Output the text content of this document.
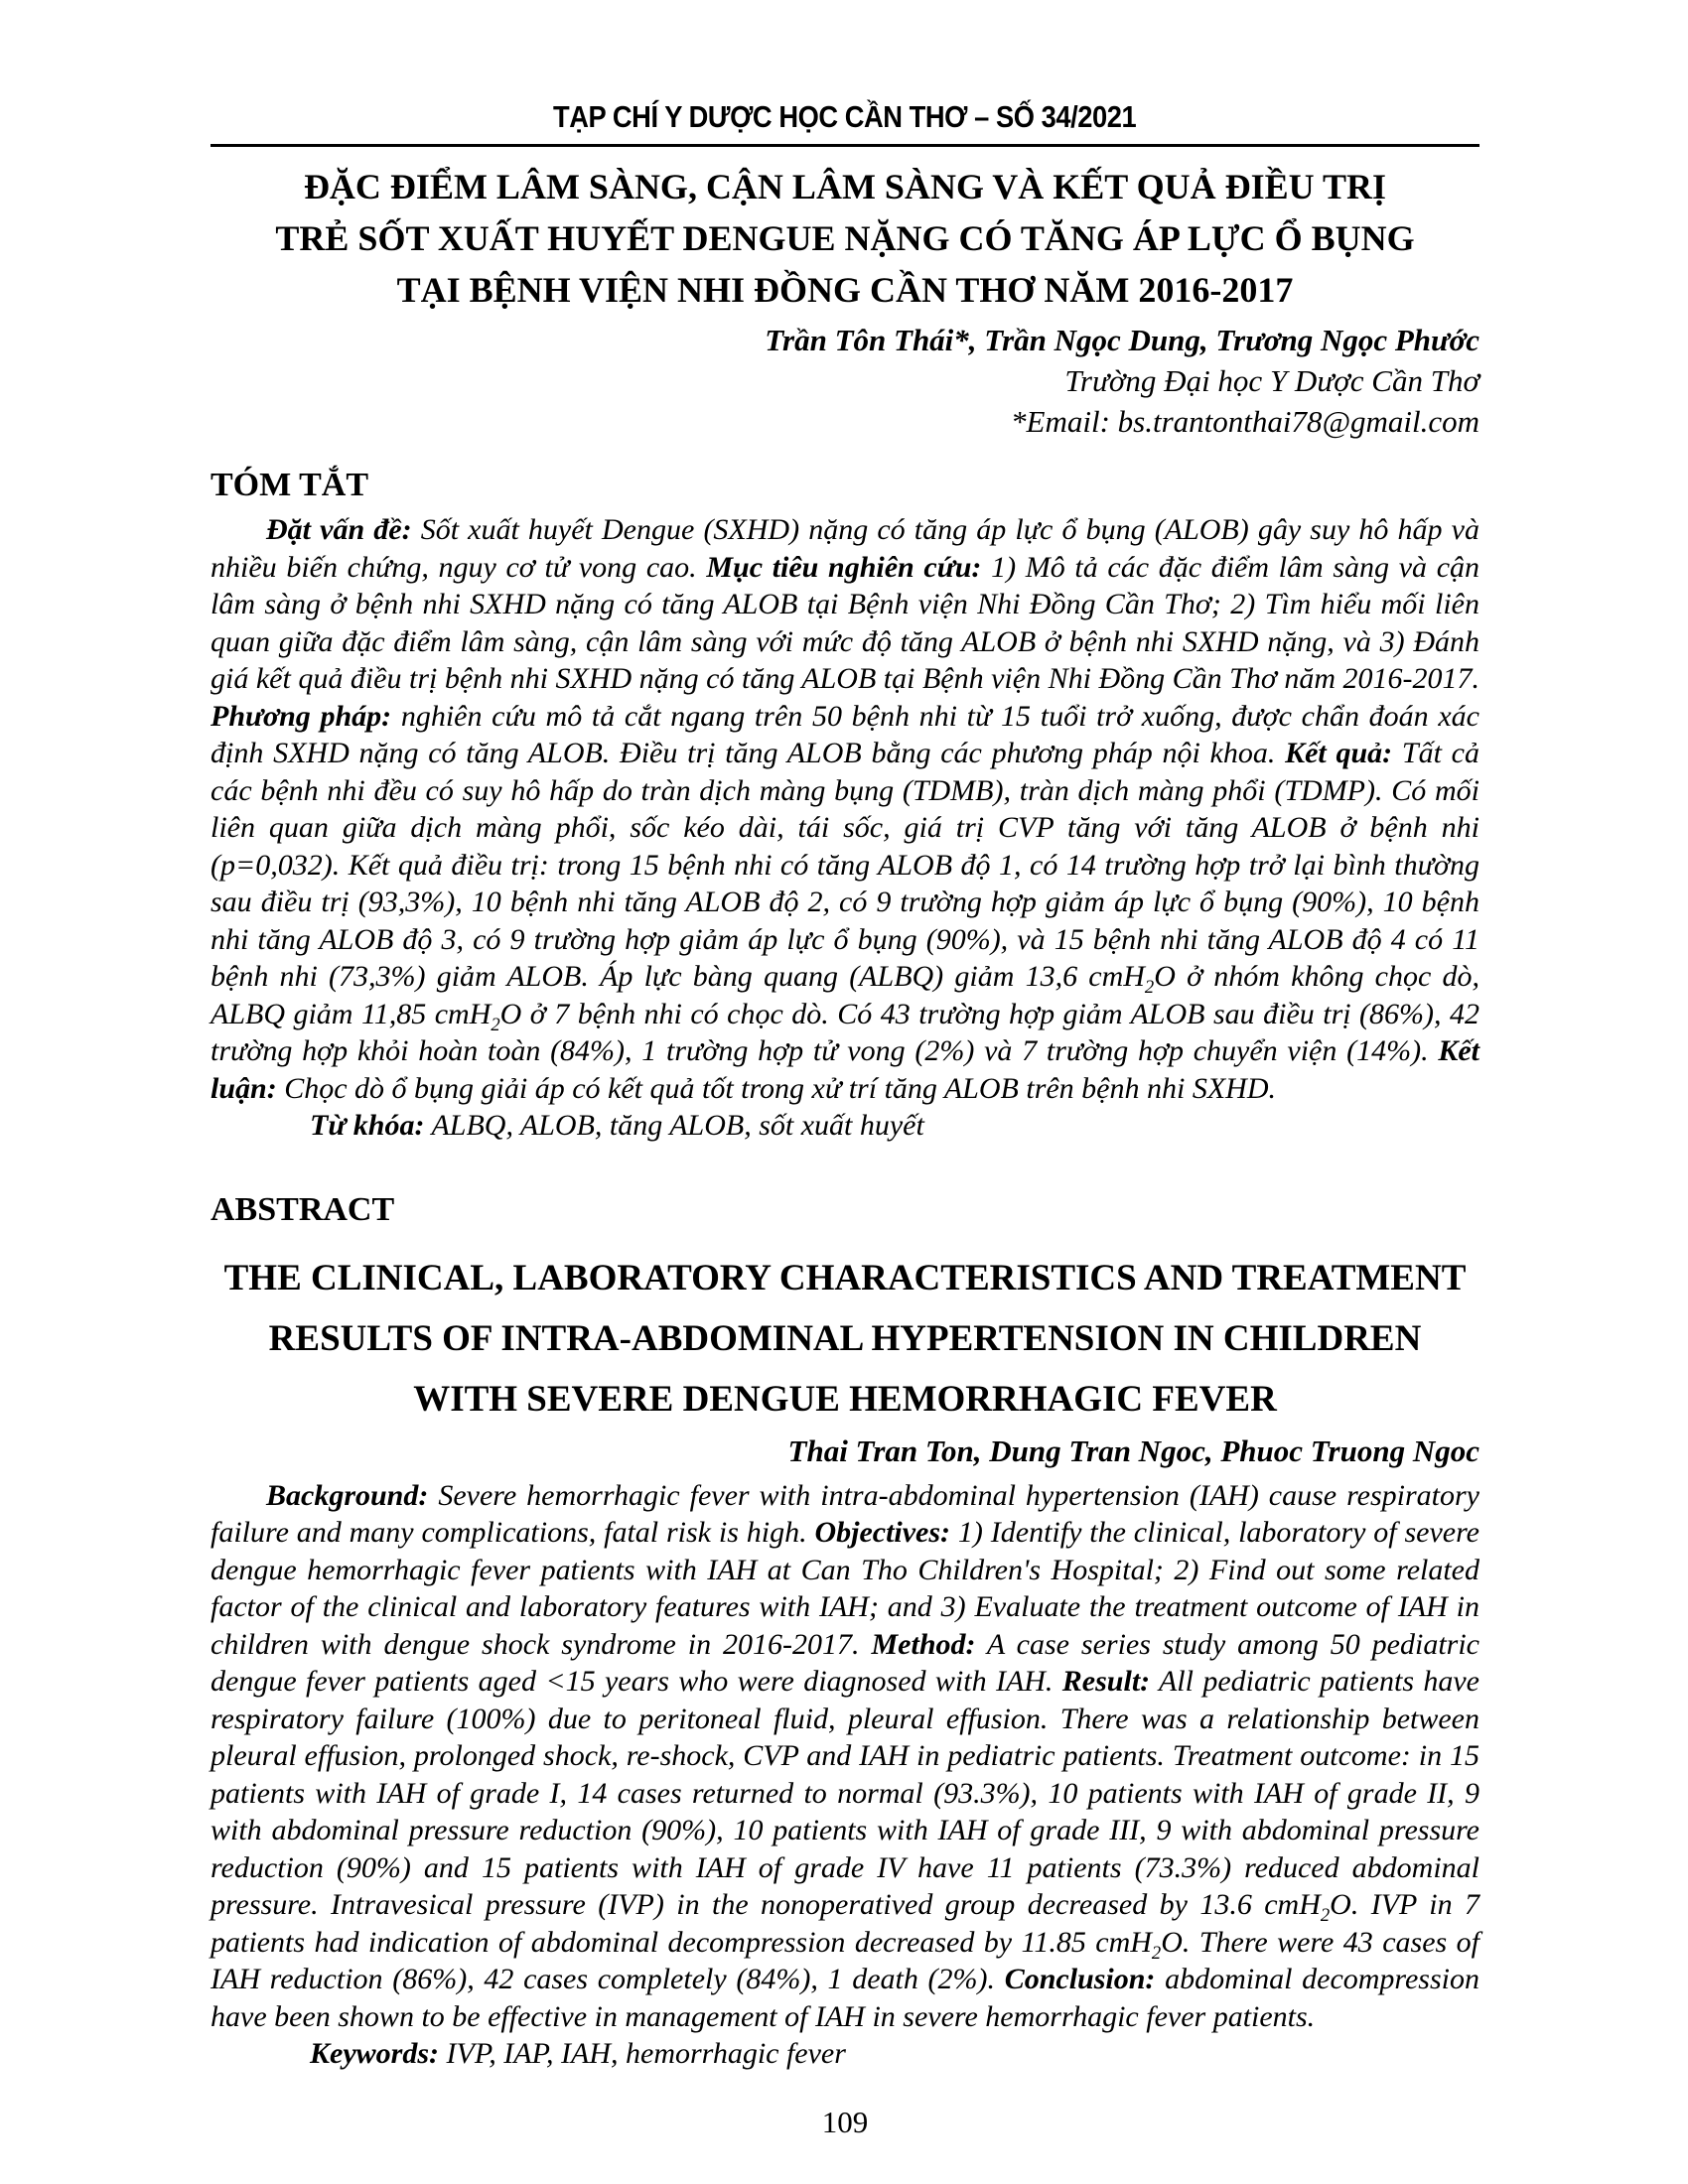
TẠP CHÍ Y DƯỢC HỌC CẦN THƠ – SỐ 34/2021
ĐẶC ĐIỂM LÂM SÀNG, CẬN LÂM SÀNG VÀ KẾT QUẢ ĐIỀU TRỊ
TRẺ SỐT XUẤT HUYẾT DENGUE NẶNG CÓ TĂNG ÁP LỰC Ổ BỤNG
TẠI BỆNH VIỆN NHI ĐỒNG CẦN THƠ NĂM 2016-2017
Trần Tôn Thái*, Trần Ngọc Dung, Trương Ngọc Phước
Trường Đại học Y Dược Cần Thơ
*Email: bs.trantonthai78@gmail.com
TÓM TẮT
Đặt vấn đề: Sốt xuất huyết Dengue (SXHD) nặng có tăng áp lực ổ bụng (ALOB) gây suy hô hấp và nhiều biến chứng, nguy cơ tử vong cao. Mục tiêu nghiên cứu: 1) Mô tả các đặc điểm lâm sàng và cận lâm sàng ở bệnh nhi SXHD nặng có tăng ALOB tại Bệnh viện Nhi Đồng Cần Thơ; 2) Tìm hiểu mối liên quan giữa đặc điểm lâm sàng, cận lâm sàng với mức độ tăng ALOB ở bệnh nhi SXHD nặng, và 3) Đánh giá kết quả điều trị bệnh nhi SXHD nặng có tăng ALOB tại Bệnh viện Nhi Đồng Cần Thơ năm 2016-2017. Phương pháp: nghiên cứu mô tả cắt ngang trên 50 bệnh nhi từ 15 tuổi trở xuống, được chẩn đoán xác định SXHD nặng có tăng ALOB. Điều trị tăng ALOB bằng các phương pháp nội khoa. Kết quả: Tất cả các bệnh nhi đều có suy hô hấp do tràn dịch màng bụng (TDMB), tràn dịch màng phổi (TDMP). Có mối liên quan giữa dịch màng phổi, sốc kéo dài, tái sốc, giá trị CVP tăng với tăng ALOB ở bệnh nhi (p=0,032). Kết quả điều trị: trong 15 bệnh nhi có tăng ALOB độ 1, có 14 trường hợp trở lại bình thường sau điều trị (93,3%), 10 bệnh nhi tăng ALOB độ 2, có 9 trường hợp giảm áp lực ổ bụng (90%), 10 bệnh nhi tăng ALOB độ 3, có 9 trường hợp giảm áp lực ổ bụng (90%), và 15 bệnh nhi tăng ALOB độ 4 có 11 bệnh nhi (73,3%) giảm ALOB. Áp lực bàng quang (ALBQ) giảm 13,6 cmH$_2$O ở nhóm không chọc dò, ALBQ giảm 11,85 cmH$_2$O ở 7 bệnh nhi có chọc dò. Có 43 trường hợp giảm ALOB sau điều trị (86%), 42 trường hợp khỏi hoàn toàn (84%), 1 trường hợp tử vong (2%) và 7 trường hợp chuyển viện (14%). Kết luận: Chọc dò ổ bụng giải áp có kết quả tốt trong xử trí tăng ALOB trên bệnh nhi SXHD.
Từ khóa: ALBQ, ALOB, tăng ALOB, sốt xuất huyết
ABSTRACT
THE CLINICAL, LABORATORY CHARACTERISTICS AND TREATMENT
RESULTS OF INTRA-ABDOMINAL HYPERTENSION IN CHILDREN
WITH SEVERE DENGUE HEMORRHAGIC FEVER
Thai Tran Ton, Dung Tran Ngoc, Phuoc Truong Ngoc
Background: Severe hemorrhagic fever with intra-abdominal hypertension (IAH) cause respiratory failure and many complications, fatal risk is high. Objectives: 1) Identify the clinical, laboratory of severe dengue hemorrhagic fever patients with IAH at Can Tho Children's Hospital; 2) Find out some related factor of the clinical and laboratory features with IAH; and 3) Evaluate the treatment outcome of IAH in children with dengue shock syndrome in 2016-2017. Method: A case series study among 50 pediatric dengue fever patients aged <15 years who were diagnosed with IAH. Result: All pediatric patients have respiratory failure (100%) due to peritoneal fluid, pleural effusion. There was a relationship between pleural effusion, prolonged shock, re-shock, CVP and IAH in pediatric patients. Treatment outcome: in 15 patients with IAH of grade I, 14 cases returned to normal (93.3%), 10 patients with IAH of grade II, 9 with abdominal pressure reduction (90%), 10 patients with IAH of grade III, 9 with abdominal pressure reduction (90%) and 15 patients with IAH of grade IV have 11 patients (73.3%) reduced abdominal pressure. Intravesical pressure (IVP) in the nonoperatived group decreased by 13.6 cmH$_2$O. IVP in 7 patients had indication of abdominal decompression decreased by 11.85 cmH$_2$O. There were 43 cases of IAH reduction (86%), 42 cases completely (84%), 1 death (2%). Conclusion: abdominal decompression have been shown to be effective in management of IAH in severe hemorrhagic fever patients.
Keywords: IVP, IAP, IAH, hemorrhagic fever
109
